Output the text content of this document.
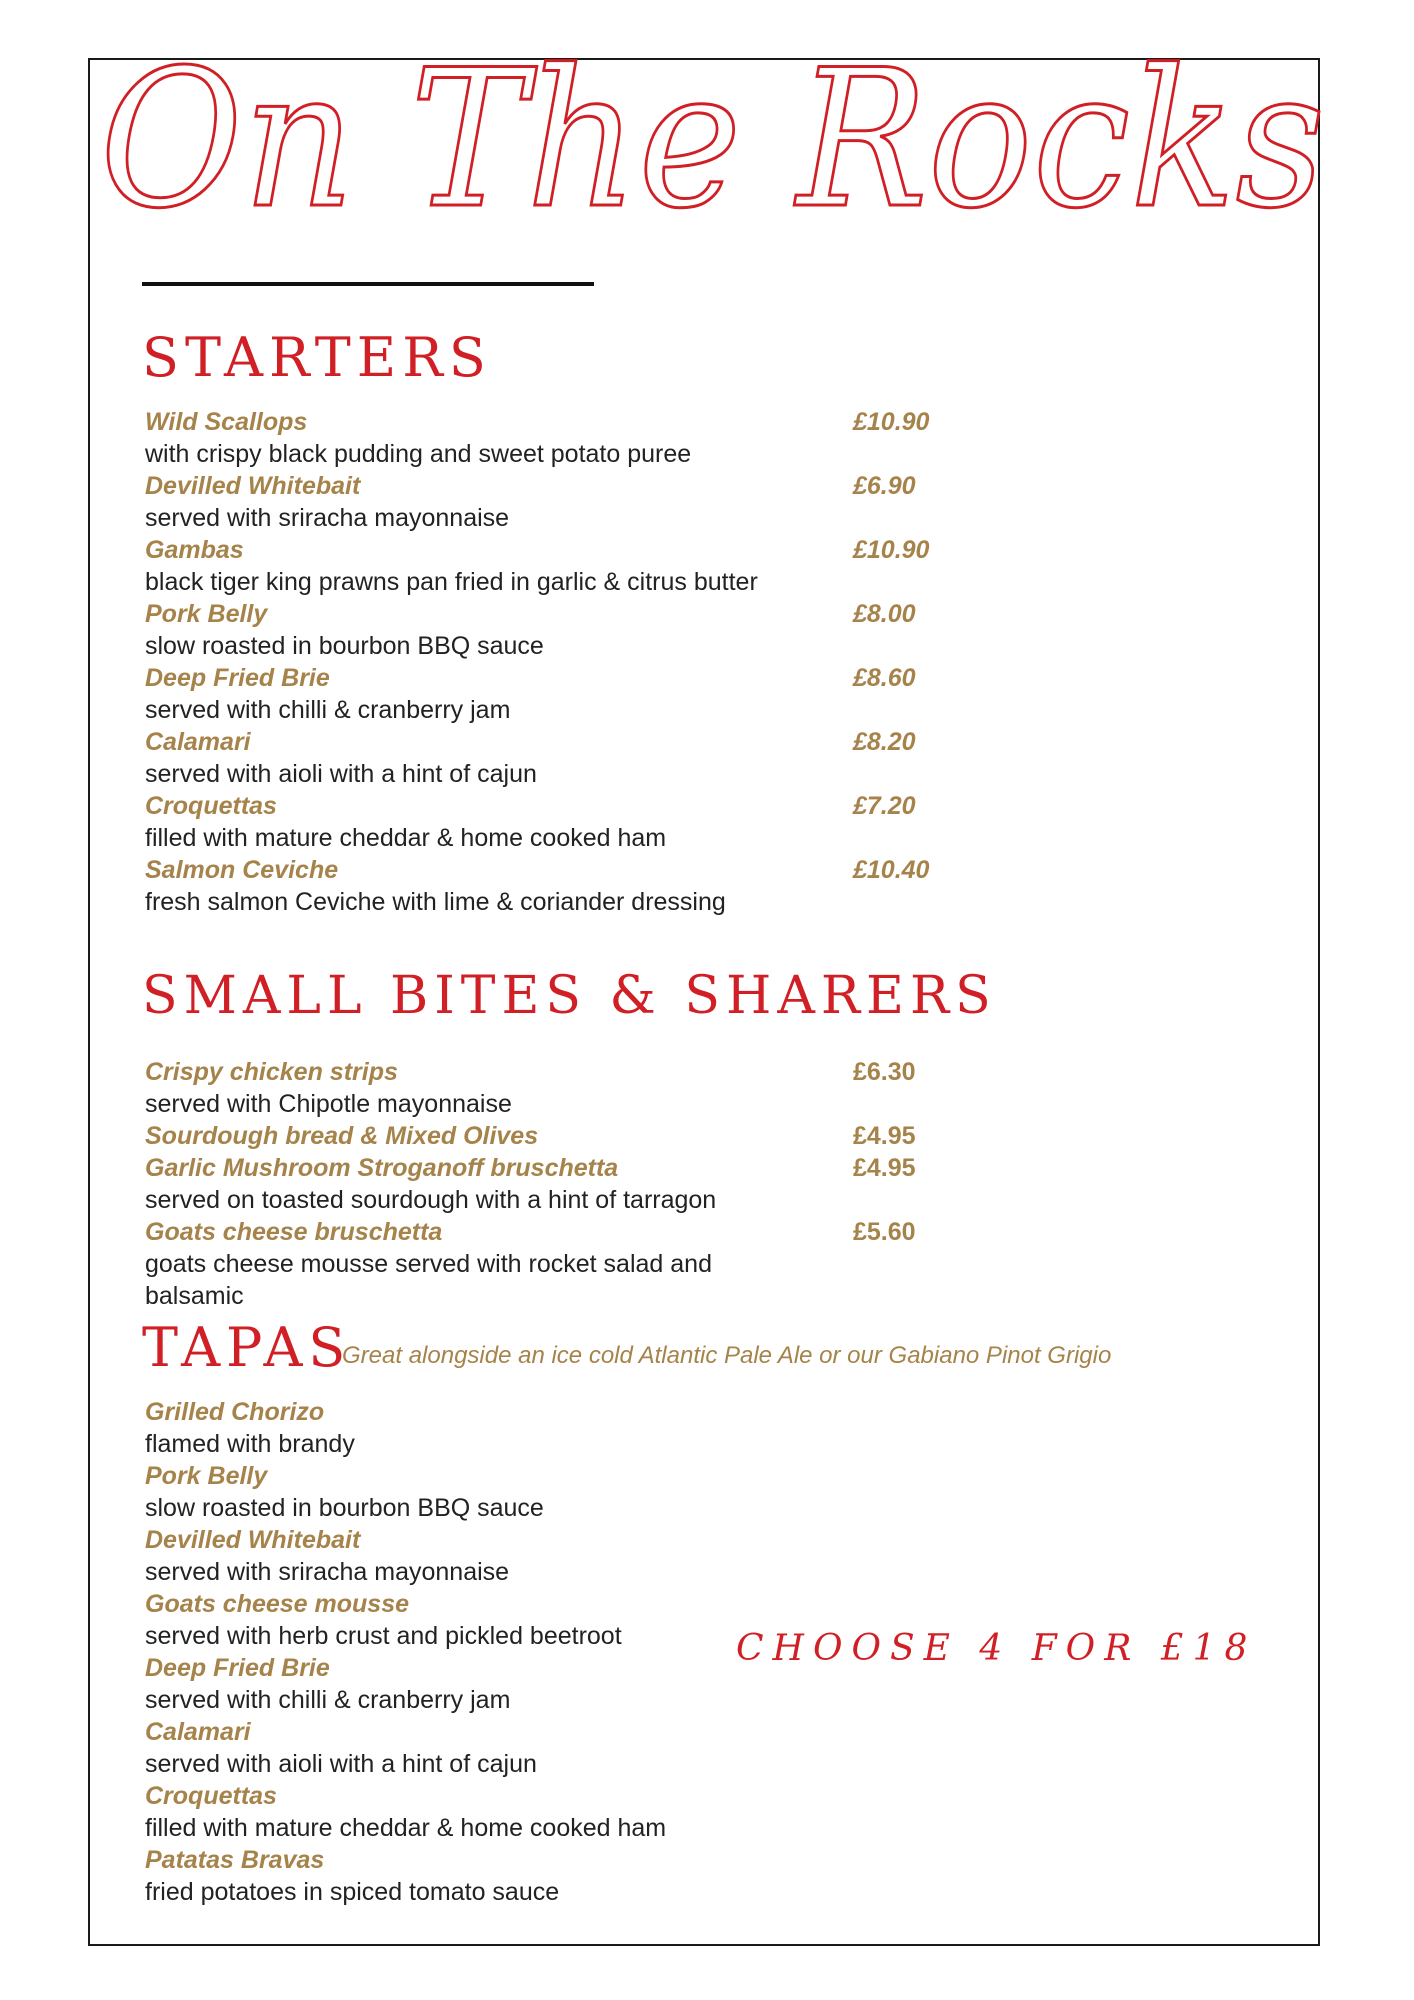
On The Rocks
STARTERS
Wild Scallops	£10.90
with crispy black pudding and sweet potato puree
Devilled Whitebait	£6.90
served with sriracha mayonnaise
Gambas	£10.90
black tiger king prawns pan fried in garlic & citrus butter
Pork Belly	£8.00
slow roasted in bourbon BBQ sauce
Deep Fried Brie	£8.60
served with chilli & cranberry jam
Calamari	£8.20
served with aioli with a hint of cajun
Croquettas	£7.20
filled with mature cheddar & home cooked ham
Salmon Ceviche	£10.40
fresh salmon Ceviche with lime & coriander dressing
SMALL BITES & SHARERS
Crispy chicken strips	£6.30
served with Chipotle mayonnaise
Sourdough bread & Mixed Olives	£4.95
Garlic Mushroom Stroganoff bruschetta	£4.95
served on toasted sourdough with a hint of tarragon
Goats cheese bruschetta	£5.60
goats cheese mousse served with rocket salad and balsamic
TAPAS
Great alongside an ice cold Atlantic Pale Ale or our Gabiano Pinot Grigio
Grilled Chorizo
flamed with brandy
Pork Belly
slow roasted in bourbon BBQ sauce
Devilled Whitebait
served with sriracha mayonnaise
Goats cheese mousse
served with herb crust and pickled beetroot
Deep Fried Brie
served with chilli & cranberry jam
Calamari
served with aioli with a hint of cajun
Croquettas
filled with mature cheddar & home cooked ham
Patatas Bravas
fried potatoes in spiced tomato sauce
CHOOSE 4 FOR £18
